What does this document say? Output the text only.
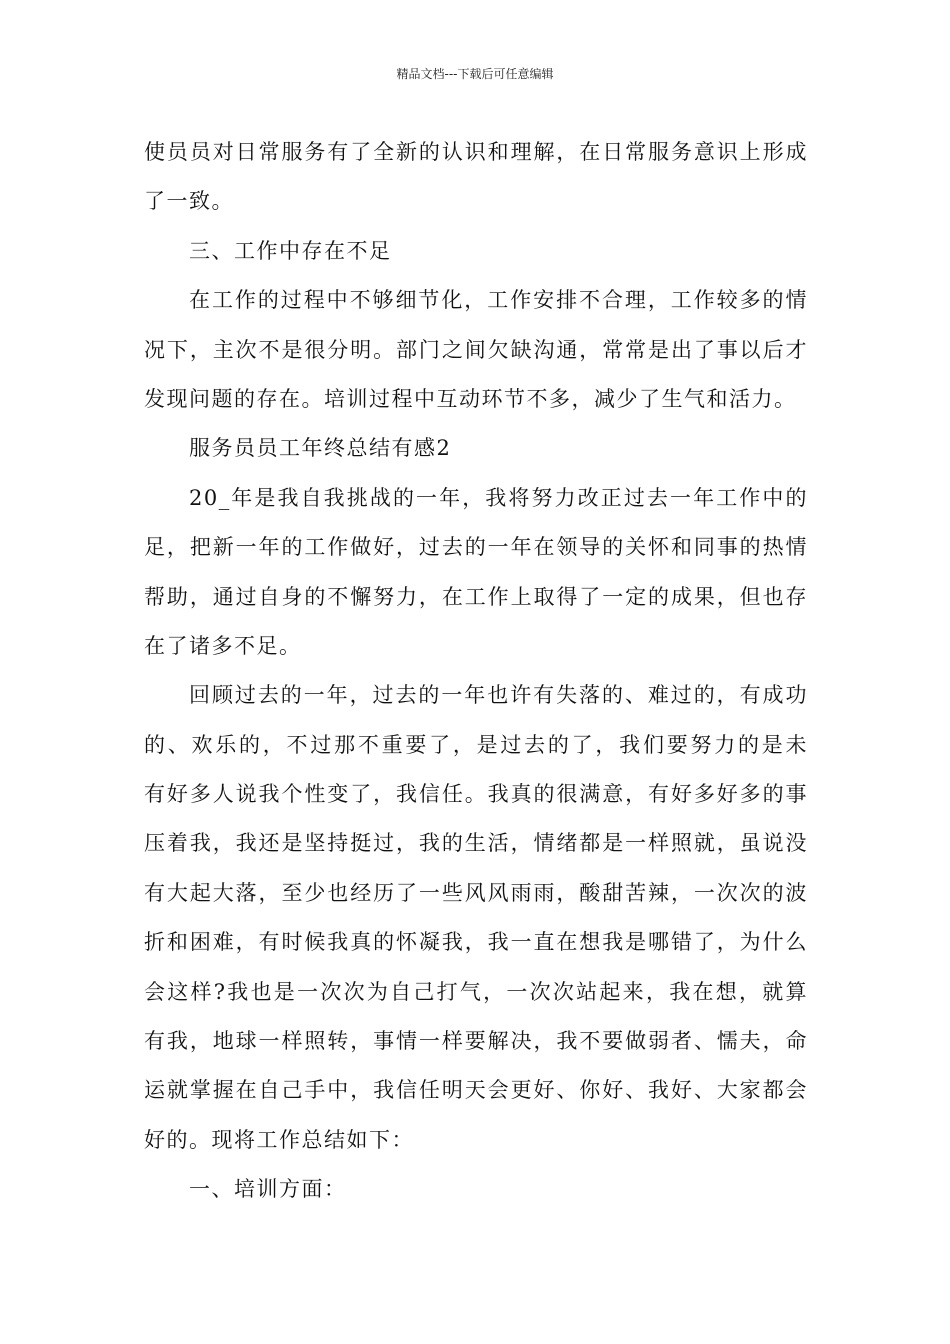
精品文档---下载后可任意编辑
使员员对日常服务有了全新的认识和理解，在日常服务意识上形成
了一致。
三、工作中存在不足
在工作的过程中不够细节化，工作安排不合理，工作较多的情
况下，主次不是很分明。部门之间欠缺沟通，常常是出了事以后才
发现问题的存在。培训过程中互动环节不多，减少了生气和活力。
服务员员工年终总结有感2
20_年是我自我挑战的一年，我将努力改正过去一年工作中的
足，把新一年的工作做好，过去的一年在领导的关怀和同事的热情
帮助，通过自身的不懈努力，在工作上取得了一定的成果，但也存
在了诸多不足。
回顾过去的一年，过去的一年也许有失落的、难过的，有成功
的、欢乐的，不过那不重要了，是过去的了，我们要努力的是未
有好多人说我个性变了，我信任。我真的很满意，有好多好多的事
压着我，我还是坚持挺过，我的生活，情绪都是一样照就，虽说没
有大起大落，至少也经历了一些风风雨雨，酸甜苦辣，一次次的波
折和困难，有时候我真的怀凝我，我一直在想我是哪错了，为什么
会这样?我也是一次次为自己打气，一次次站起来，我在想，就算
有我，地球一样照转，事情一样要解决，我不要做弱者、懦夫，命
运就掌握在自己手中，我信任明天会更好、你好、我好、大家都会
好的。现将工作总结如下：
一、培训方面：
